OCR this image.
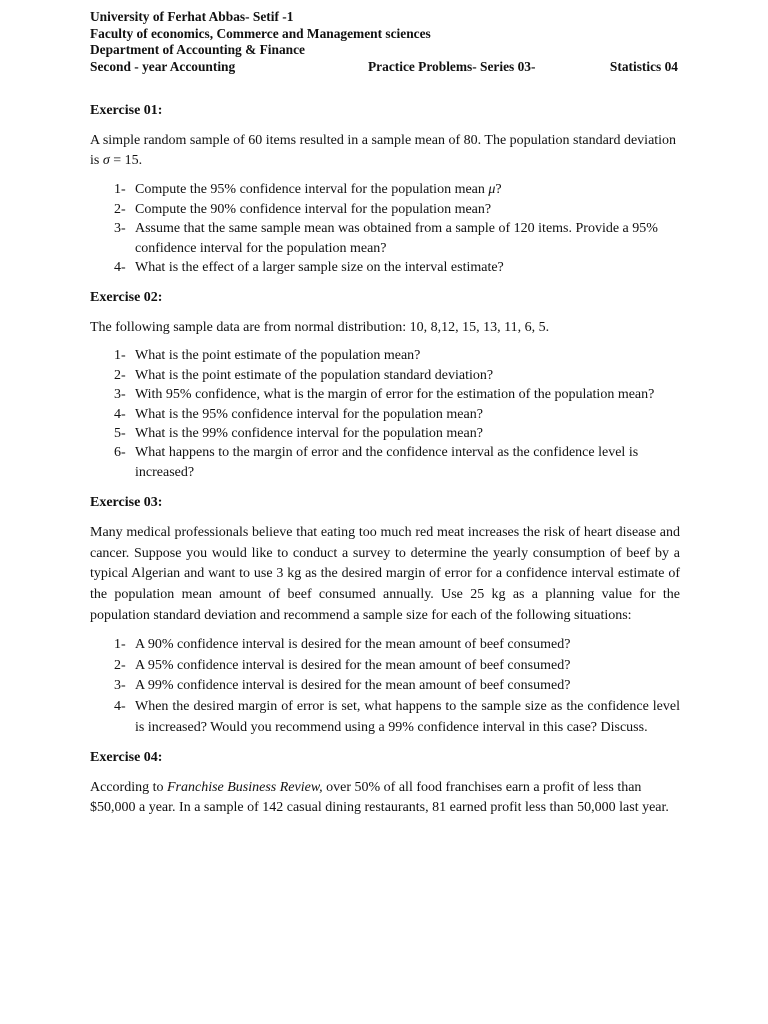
University of Ferhat Abbas- Setif -1
Faculty of economics, Commerce and Management sciences
Department of Accounting & Finance
Second - year Accounting	Practice Problems- Series 03-	Statistics 04
Exercise 01:

A simple random sample of 60 items resulted in a sample mean of 80. The population standard deviation is σ = 15.

1- Compute the 95% confidence interval for the population mean μ?
2- Compute the 90% confidence interval for the population mean?
3- Assume that the same sample mean was obtained from a sample of 120 items. Provide a 95% confidence interval for the population mean?
4- What is the effect of a larger sample size on the interval estimate?
Exercise 02:

The following sample data are from normal distribution: 10, 8,12, 15, 13, 11, 6, 5.

1- What is the point estimate of the population mean?
2- What is the point estimate of the population standard deviation?
3- With 95% confidence, what is the margin of error for the estimation of the population mean?
4- What is the 95% confidence interval for the population mean?
5- What is the 99% confidence interval for the population mean?
6- What happens to the margin of error and the confidence interval as the confidence level is increased?
Exercise 03:

Many medical professionals believe that eating too much red meat increases the risk of heart disease and cancer. Suppose you would like to conduct a survey to determine the yearly consumption of beef by a typical Algerian and want to use 3 kg as the desired margin of error for a confidence interval estimate of the population mean amount of beef consumed annually. Use 25 kg as a planning value for the population standard deviation and recommend a sample size for each of the following situations:

1- A 90% confidence interval is desired for the mean amount of beef consumed?
2- A 95% confidence interval is desired for the mean amount of beef consumed?
3- A 99% confidence interval is desired for the mean amount of beef consumed?
4- When the desired margin of error is set, what happens to the sample size as the confidence level is increased? Would you recommend using a 99% confidence interval in this case? Discuss.
Exercise 04:

According to Franchise Business Review, over 50% of all food franchises earn a profit of less than $50,000 a year. In a sample of 142 casual dining restaurants, 81 earned profit less than 50,000 last year.
